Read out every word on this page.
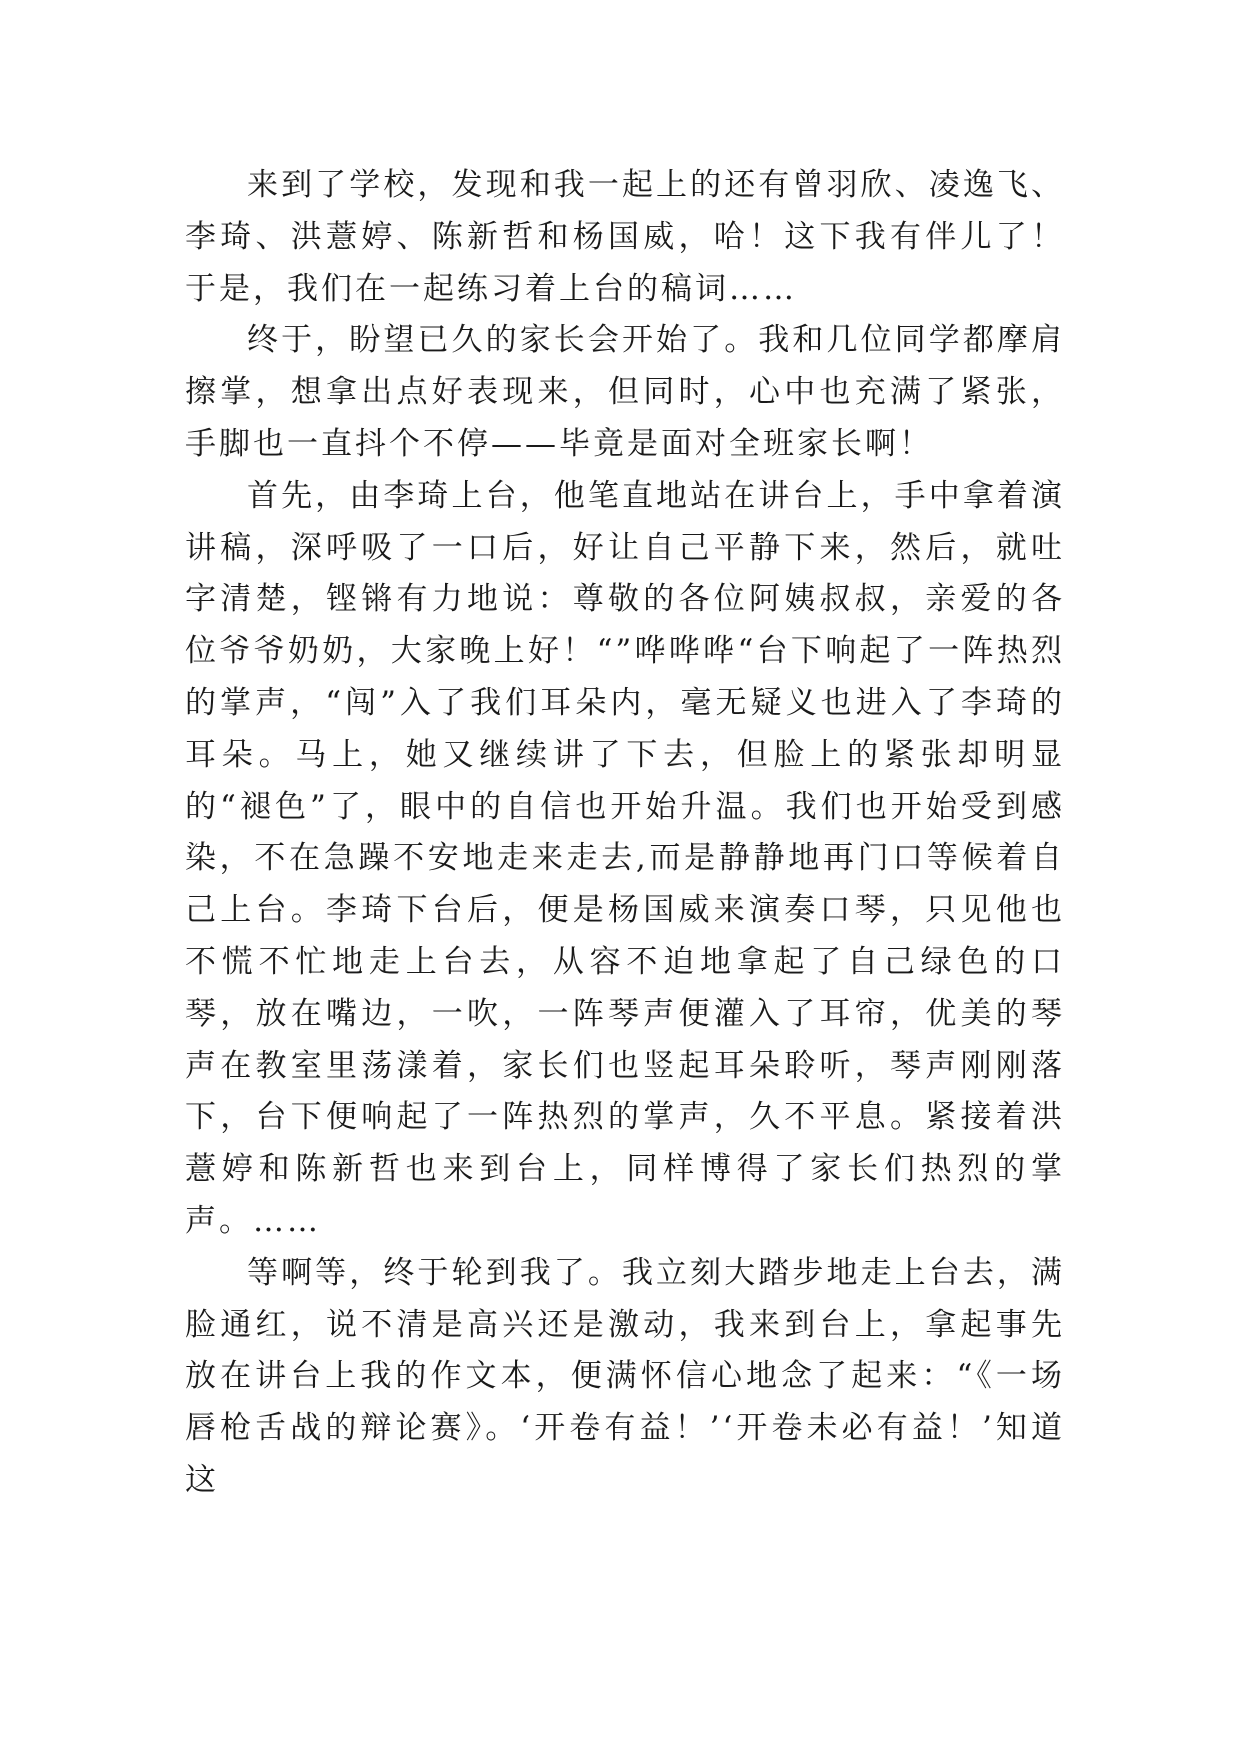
来到了学校，发现和我一起上的还有曾羽欣、凌逸飞、李琦、洪薏婷、陈新哲和杨国威，哈！这下我有伴儿了！于是，我们在一起练习着上台的稿词……

终于，盼望已久的家长会开始了。我和几位同学都摩肩擦掌，想拿出点好表现来，但同时，心中也充满了紧张，手脚也一直抖个不停——毕竟是面对全班家长啊！

首先，由李琦上台，他笔直地站在讲台上，手中拿着演讲稿，深呼吸了一口后，好让自己平静下来，然后，就吐字清楚，铿锵有力地说：尊敬的各位阿姨叔叔，亲爱的各位爷爷奶奶，大家晚上好！“”哗哗哗“台下响起了一阵热烈的掌声，“闯”入了我们耳朵内，毫无疑义也进入了李琦的耳朵。马上，她又继续讲了下去，但脸上的紧张却明显的“褪色”了，眼中的自信也开始升温。我们也开始受到感染，不在急躁不安地走来走去,而是静静地再门口等候着自己上台。李琦下台后，便是杨国威来演奏口琴，只见他也不慌不忙地走上台去，从容不迫地拿起了自己绿色的口琴，放在嘴边，一吹，一阵琴声便灌入了耳帘，优美的琴声在教室里荡漾着，家长们也竖起耳朵聆听，琴声刚刚落下，台下便响起了一阵热烈的掌声，久不平息。紧接着洪薏婷和陈新哲也来到台上，同样博得了家长们热烈的掌声。……

等啊等，终于轮到我了。我立刻大踏步地走上台去，满脸通红，说不清是高兴还是激动，我来到台上，拿起事先放在讲台上我的作文本，便满怀信心地念了起来：“《一场唇枪舌战的辩论赛》。‘开卷有益！’‘开卷未必有益！’知道这
